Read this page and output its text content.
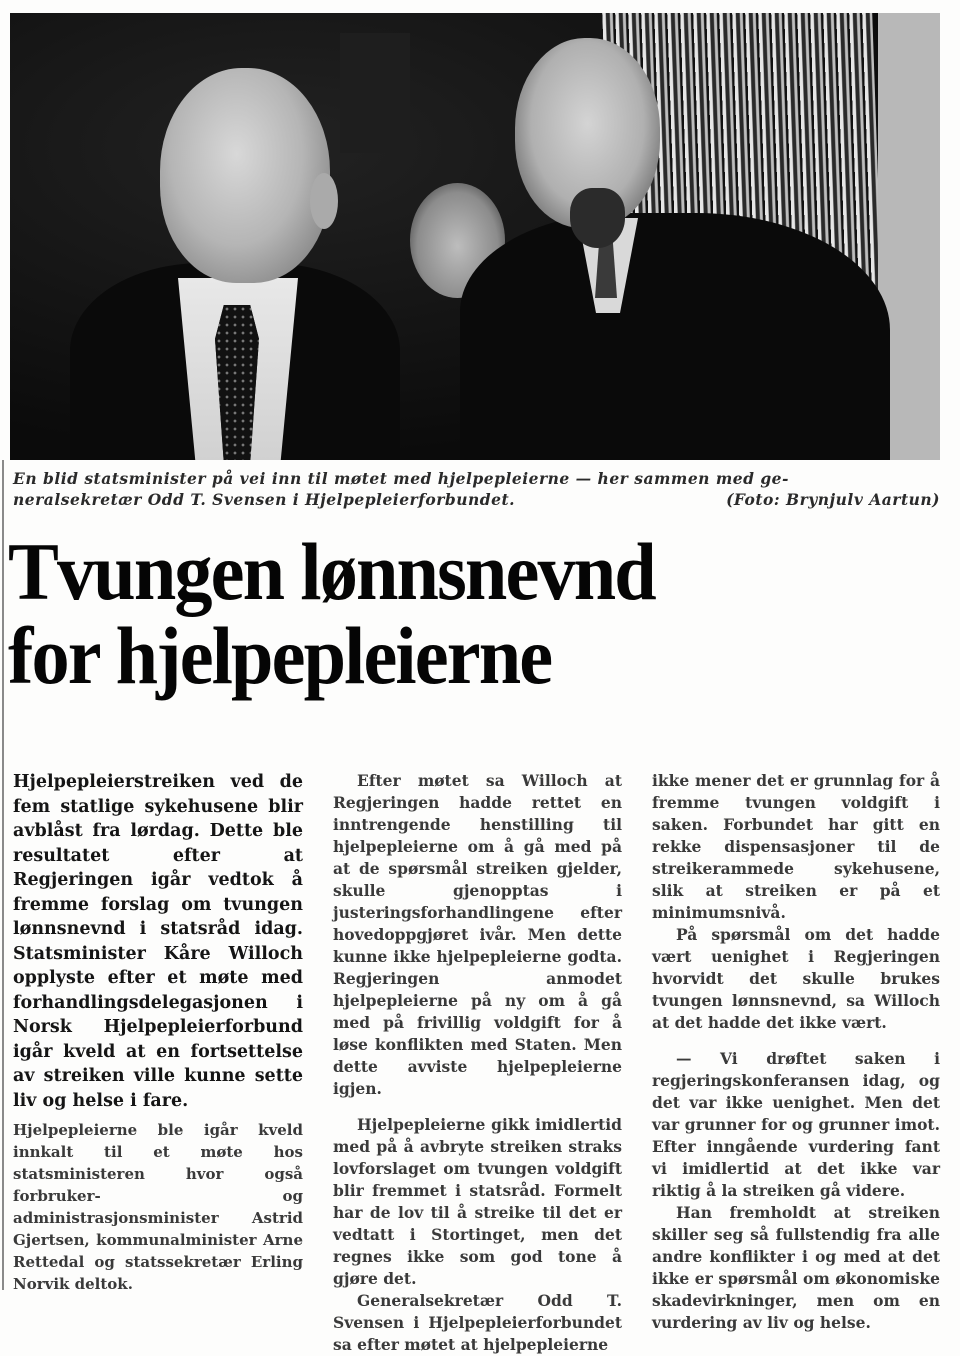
En blid statsminister på vei inn til møtet med hjelpepleierne — her sammen med ge-
neralsekretær Odd T. Svensen i Hjelpepleierforbundet.	(Foto: Brynjulv Aartun)
Tvungen lønnsnevnd
for hjelpepleierne

Hjelpepleierstreiken ved de fem statlige sykehusene blir avblåst fra lørdag. Dette ble resultatet efter at Regjeringen igår vedtok å fremme forslag om tvungen lønnsnevnd i statsråd idag. Statsminister Kåre Willoch opplyste efter et møte med forhandlingsdelegasjonen i Norsk Hjelpepleierforbund igår kveld at en fortsettelse av streiken ville kunne sette liv og helse i fare.

Hjelpepleierne ble igår kveld innkalt til et møte hos statsministeren hvor også forbruker- og administrasjonsminister Astrid Gjertsen, kommunalminister Arne Rettedal og statssekretær Erling Norvik deltok.

Efter møtet sa Willoch at Regjeringen hadde rettet en inntrengende henstilling til hjelpepleierne om å gå med på at de spørsmål streiken gjelder, skulle gjenopptas i justeringsforhandlingene efter hovedoppgjøret ivår. Men dette kunne ikke hjelpepleierne godta. Regjeringen anmodet hjelpepleierne på ny om å gå med på frivillig voldgift for å løse konflikten med Staten. Men dette avviste hjelpepleierne igjen.

Hjelpepleierne gikk imidlertid med på å avbryte streiken straks lovforslaget om tvungen voldgift blir fremmet i statsråd. Formelt har de lov til å streike til det er vedtatt i Stortinget, men det regnes ikke som god tone å gjøre det.

Generalsekretær Odd T. Svensen i Hjelpepleierforbundet sa efter møtet at hjelpepleierne

ikke mener det er grunnlag for å fremme tvungen voldgift i saken. Forbundet har gitt en rekke dispensasjoner til de streikerammede sykehusene, slik at streiken er på et minimumsnivå.

På spørsmål om det hadde vært uenighet i Regjeringen hvorvidt det skulle brukes tvungen lønnsnevnd, sa Willoch at det hadde det ikke vært.

— Vi drøftet saken i regjeringskonferansen idag, og det var ikke uenighet. Men det var grunner for og grunner imot. Efter inngående vurdering fant vi imidlertid at det ikke var riktig å la streiken gå videre.

Han fremholdt at streiken skiller seg så fullstendig fra alle andre konflikter i og med at det ikke er spørsmål om økonomiske skadevirkninger, men om en vurdering av liv og helse.
